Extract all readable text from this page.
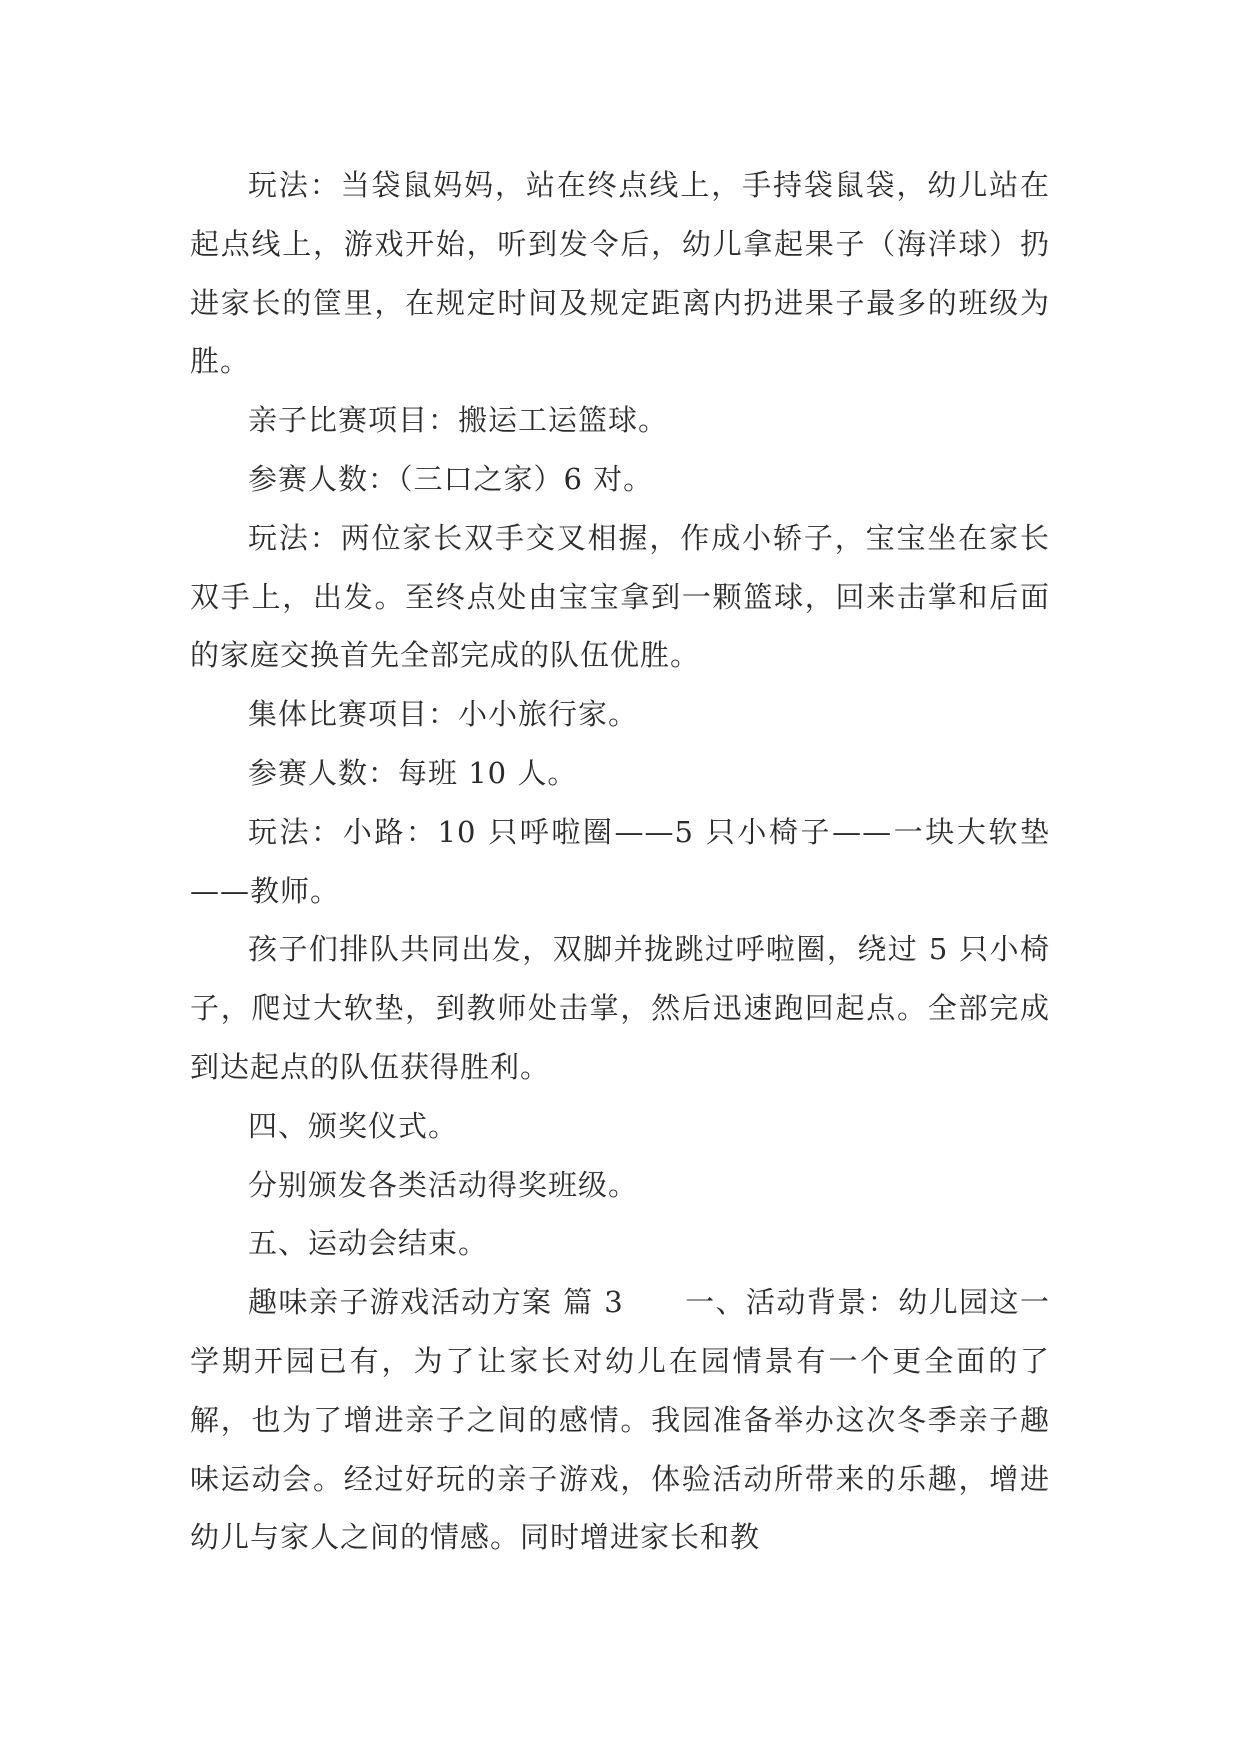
玩法：当袋鼠妈妈，站在终点线上，手持袋鼠袋，幼儿站在起点线上，游戏开始，听到发令后，幼儿拿起果子（海洋球）扔进家长的筐里，在规定时间及规定距离内扔进果子最多的班级为胜。

亲子比赛项目：搬运工运篮球。

参赛人数：（三口之家）6 对。

玩法：两位家长双手交叉相握，作成小轿子，宝宝坐在家长双手上，出发。至终点处由宝宝拿到一颗篮球，回来击掌和后面的家庭交换首先全部完成的队伍优胜。

集体比赛项目：小小旅行家。

参赛人数：每班 10 人。

玩法：小路：10 只呼啦圈——5 只小椅子——一块大软垫——教师。

孩子们排队共同出发，双脚并拢跳过呼啦圈，绕过 5 只小椅子，爬过大软垫，到教师处击掌，然后迅速跑回起点。全部完成到达起点的队伍获得胜利。

四、颁奖仪式。

分别颁发各类活动得奖班级。

五、运动会结束。

趣味亲子游戏活动方案 篇 3　　一、活动背景：幼儿园这一学期开园已有，为了让家长对幼儿在园情景有一个更全面的了解，也为了增进亲子之间的感情。我园准备举办这次冬季亲子趣味运动会。经过好玩的亲子游戏，体验活动所带来的乐趣，增进幼儿与家人之间的情感。同时增进家长和教
